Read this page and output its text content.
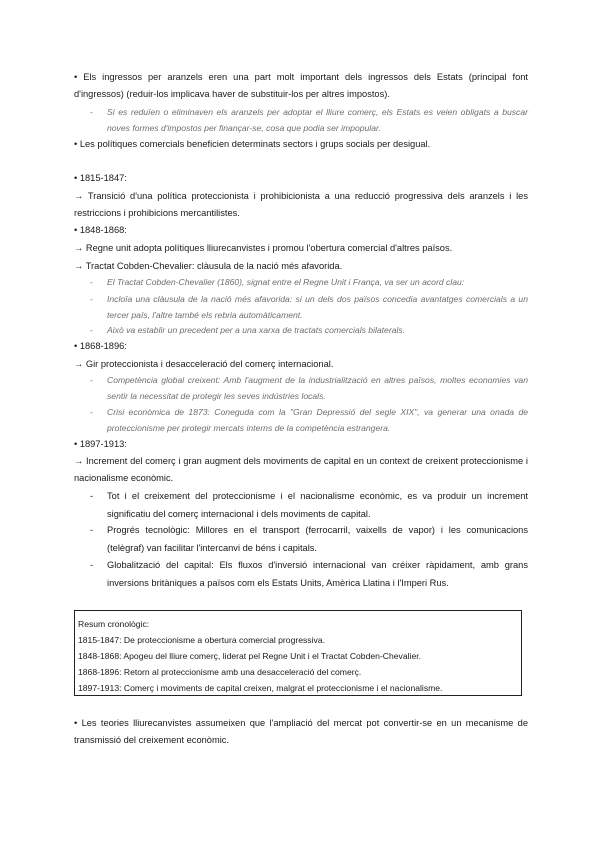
• Els ingressos per aranzels eren una part molt important dels ingressos dels Estats (principal font d'ingressos) (reduir-los implicava haver de substituir-los per altres impostos).

- Si es reduïen o eliminaven els aranzels per adoptar el lliure comerç, els Estats es veien obligats a buscar noves formes d'impostos per finançar-se, cosa que podia ser impopular.

• Les polítiques comercials beneficien determinats sectors i grups socials per desigual.

• 1815-1847:

→ Transició d'una política proteccionista i prohibicionista a una reducció progressiva dels aranzels i les restriccions i prohibicions mercantilistes.

• 1848-1868:

→ Regne unit adopta polítiques lliurecanvistes i promou l'obertura comercial d'altres països.

→ Tractat Cobden-Chevalier: clàusula de la nació més afavorida.

- El Tractat Cobden-Chevalier (1860), signat entre el Regne Unit i França, va ser un acord clau:

- Incloïa una clàusula de la nació més afavorida: si un dels dos països concedia avantatges comercials a un tercer país, l'altre també els rebria automàticament.

- Això va establir un precedent per a una xarxa de tractats comercials bilaterals.

• 1868-1896:

→ Gir proteccionista i desacceleració del comerç internacional.

- Competència global creixent: Amb l'augment de la industrialització en altres països, moltes economies van sentir la necessitat de protegir les seves indústries locals.

- Crisi econòmica de 1873: Coneguda com la "Gran Depressió del segle XIX", va generar una onada de proteccionisme per protegir mercats interns de la competència estrangera.

• 1897-1913:

→ Increment del comerç i gran augment dels moviments de capital en un context de creixent proteccionisme i nacionalisme econòmic.

- Tot i el creixement del proteccionisme i el nacionalisme econòmic, es va produir un increment significatiu del comerç internacional i dels moviments de capital.

- Progrés tecnològic: Millores en el transport (ferrocarril, vaixells de vapor) i les comunicacions (telègraf) van facilitar l'intercanvi de béns i capitals.

- Globalització del capital: Els fluxos d'inversió internacional van créixer ràpidament, amb grans inversions britàniques a països com els Estats Units, Amèrica Llatina i l'Imperi Rus.

Resum cronològic:
1815-1847: De proteccionisme a obertura comercial progressiva.
1848-1868: Apogeu del lliure comerç, liderat pel Regne Unit i el Tractat Cobden-Chevalier.
1868-1896: Retorn al proteccionisme amb una desacceleració del comerç.
1897-1913: Comerç i moviments de capital creixen, malgrat el proteccionisme i el nacionalisme.

• Les teories lliurecanvistes assumeixen que l'ampliació del mercat pot convertir-se en un mecanisme de transmissió del creixement econòmic.
